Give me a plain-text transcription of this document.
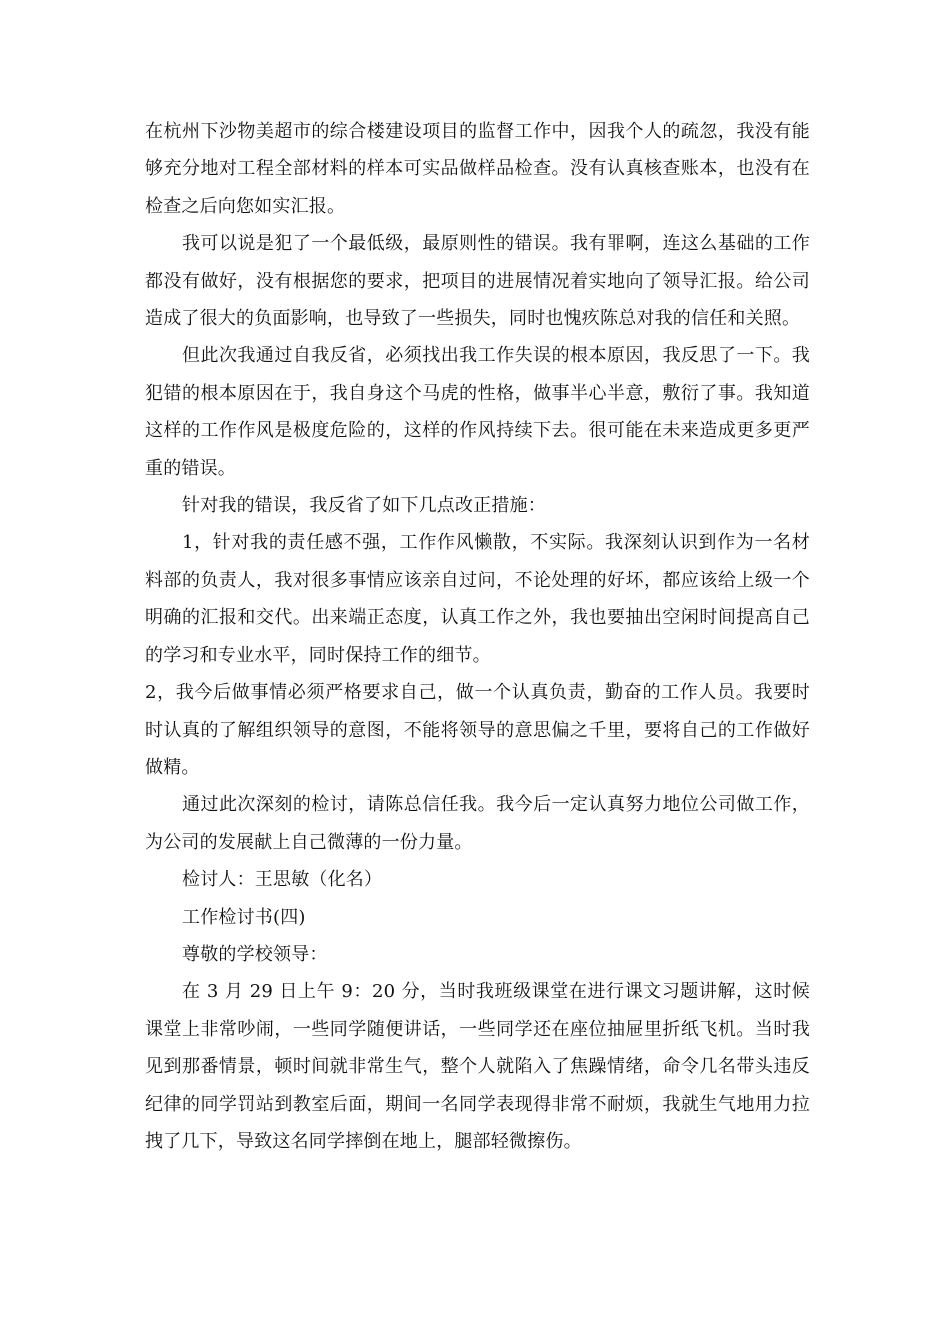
在杭州下沙物美超市的综合楼建设项目的监督工作中，因我个人的疏忽，我没有能够充分地对工程全部材料的样本可实品做样品检查。没有认真核查账本，也没有在检查之后向您如实汇报。

我可以说是犯了一个最低级，最原则性的错误。我有罪啊，连这么基础的工作都没有做好，没有根据您的要求，把项目的进展情况着实地向了领导汇报。给公司造成了很大的负面影响，也导致了一些损失，同时也愧疚陈总对我的信任和关照。

但此次我通过自我反省，必须找出我工作失误的根本原因，我反思了一下。我犯错的根本原因在于，我自身这个马虎的性格，做事半心半意，敷衍了事。我知道这样的工作作风是极度危险的，这样的作风持续下去。很可能在未来造成更多更严重的错误。

针对我的错误，我反省了如下几点改正措施：

1，针对我的责任感不强，工作作风懒散，不实际。我深刻认识到作为一名材料部的负责人，我对很多事情应该亲自过问，不论处理的好坏，都应该给上级一个明确的汇报和交代。出来端正态度，认真工作之外，我也要抽出空闲时间提高自己的学习和专业水平，同时保持工作的细节。

2，我今后做事情必须严格要求自己，做一个认真负责，勤奋的工作人员。我要时时认真的了解组织领导的意图，不能将领导的意思偏之千里，要将自己的工作做好做精。

通过此次深刻的检讨，请陈总信任我。我今后一定认真努力地位公司做工作，为公司的发展献上自己微薄的一份力量。

检讨人：王思敏（化名）

工作检讨书(四)

尊敬的学校领导：

在 3 月 29 日上午 9：20 分，当时我班级课堂在进行课文习题讲解，这时候课堂上非常吵闹，一些同学随便讲话，一些同学还在座位抽屉里折纸飞机。当时我见到那番情景，顿时间就非常生气，整个人就陷入了焦躁情绪，命令几名带头违反纪律的同学罚站到教室后面，期间一名同学表现得非常不耐烦，我就生气地用力拉拽了几下，导致这名同学摔倒在地上，腿部轻微擦伤。
